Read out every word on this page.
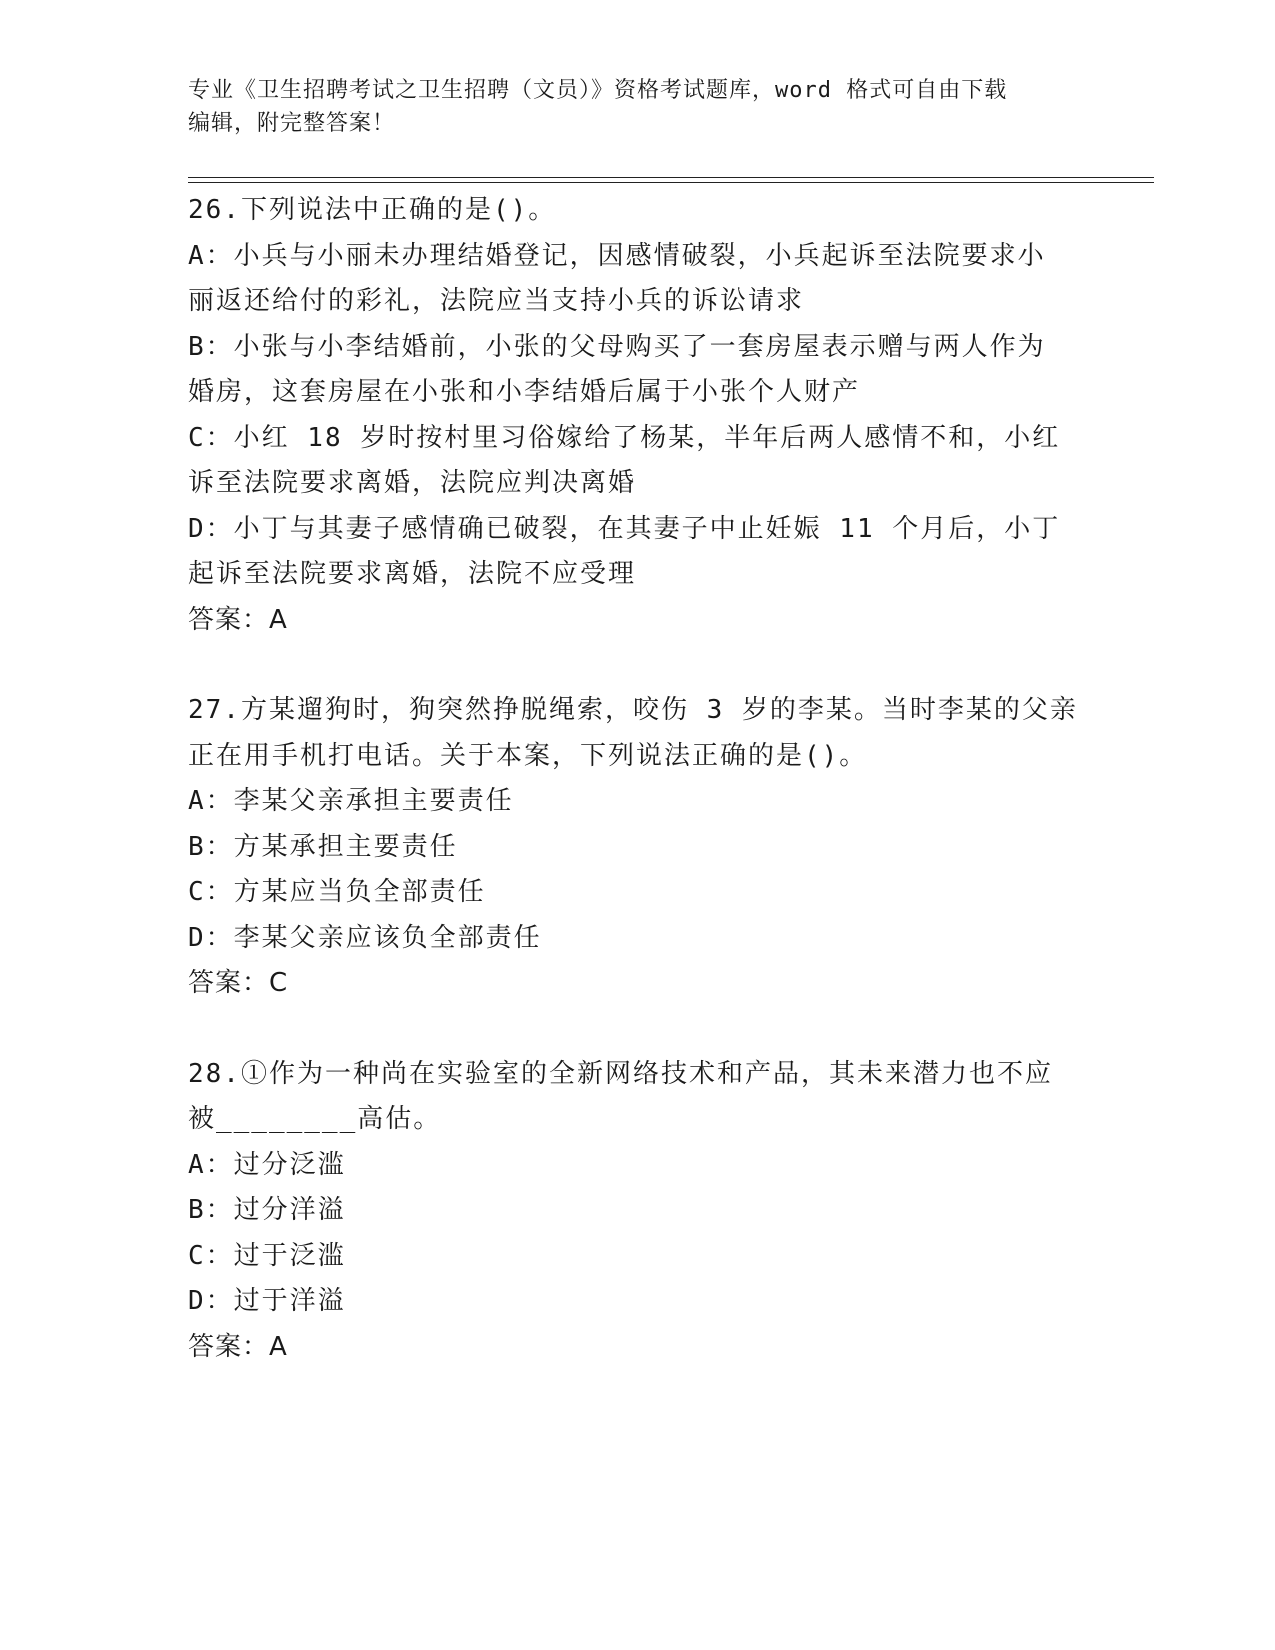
专业《卫生招聘考试之卫生招聘（文员）》资格考试题库，word 格式可自由下载
编辑，附完整答案！
26.下列说法中正确的是()。
A：小兵与小丽未办理结婚登记，因感情破裂，小兵起诉至法院要求小
丽返还给付的彩礼，法院应当支持小兵的诉讼请求
B：小张与小李结婚前，小张的父母购买了一套房屋表示赠与两人作为
婚房，这套房屋在小张和小李结婚后属于小张个人财产
C：小红 18 岁时按村里习俗嫁给了杨某，半年后两人感情不和，小红
诉至法院要求离婚，法院应判决离婚
D：小丁与其妻子感情确已破裂，在其妻子中止妊娠 11 个月后，小丁
起诉至法院要求离婚，法院不应受理
答案：A
27.方某遛狗时，狗突然挣脱绳索，咬伤 3 岁的李某。当时李某的父亲
正在用手机打电话。关于本案，下列说法正确的是()。
A：李某父亲承担主要责任
B：方某承担主要责任
C：方某应当负全部责任
D：李某父亲应该负全部责任
答案：C
28.①作为一种尚在实验室的全新网络技术和产品，其未来潜力也不应
被________高估。
A：过分泛滥
B：过分洋溢
C：过于泛滥
D：过于洋溢
答案：A
